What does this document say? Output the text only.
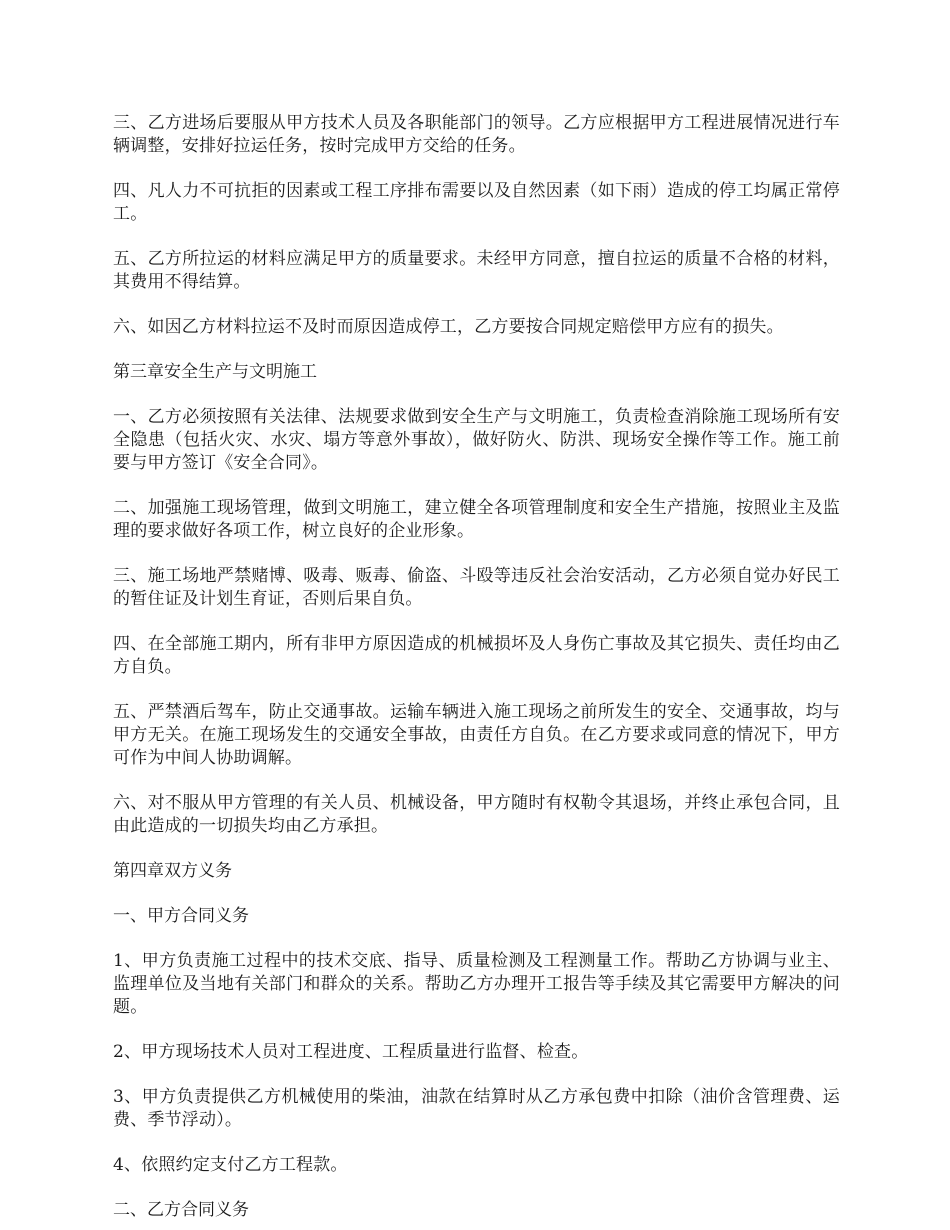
三、乙方进场后要服从甲方技术人员及各职能部门的领导。乙方应根据甲方工程进展情况进行车辆调整，安排好拉运任务，按时完成甲方交给的任务。

四、凡人力不可抗拒的因素或工程工序排布需要以及自然因素（如下雨）造成的停工均属正常停工。

五、乙方所拉运的材料应满足甲方的质量要求。未经甲方同意，擅自拉运的质量不合格的材料，其费用不得结算。

六、如因乙方材料拉运不及时而原因造成停工，乙方要按合同规定赔偿甲方应有的损失。

第三章安全生产与文明施工

一、乙方必须按照有关法律、法规要求做到安全生产与文明施工，负责检查消除施工现场所有安全隐患（包括火灾、水灾、塌方等意外事故），做好防火、防洪、现场安全操作等工作。施工前要与甲方签订《安全合同》。

二、加强施工现场管理，做到文明施工，建立健全各项管理制度和安全生产措施，按照业主及监理的要求做好各项工作，树立良好的企业形象。

三、施工场地严禁赌博、吸毒、贩毒、偷盗、斗殴等违反社会治安活动，乙方必须自觉办好民工的暂住证及计划生育证，否则后果自负。

四、在全部施工期内，所有非甲方原因造成的机械损坏及人身伤亡事故及其它损失、责任均由乙方自负。

五、严禁酒后驾车，防止交通事故。运输车辆进入施工现场之前所发生的安全、交通事故，均与甲方无关。在施工现场发生的交通安全事故，由责任方自负。在乙方要求或同意的情况下，甲方可作为中间人协助调解。

六、对不服从甲方管理的有关人员、机械设备，甲方随时有权勒令其退场，并终止承包合同，且由此造成的一切损失均由乙方承担。

第四章双方义务

一、甲方合同义务

1、甲方负责施工过程中的技术交底、指导、质量检测及工程测量工作。帮助乙方协调与业主、监理单位及当地有关部门和群众的关系。帮助乙方办理开工报告等手续及其它需要甲方解决的问题。

2、甲方现场技术人员对工程进度、工程质量进行监督、检查。

3、甲方负责提供乙方机械使用的柴油，油款在结算时从乙方承包费中扣除（油价含管理费、运费、季节浮动）。

4、依照约定支付乙方工程款。

二、乙方合同义务
